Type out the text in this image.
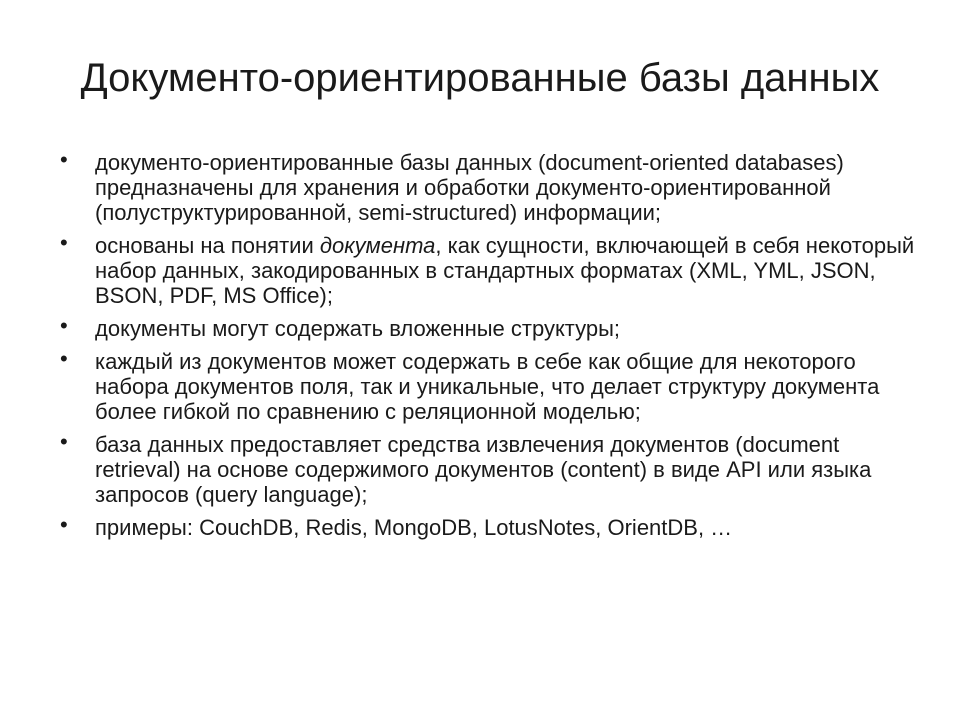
Документо-ориентированные базы данных
• документо-ориентированные базы данных (document-oriented databases) предназначены для хранения и обработки документо-ориентированной (полуструктурированной, semi-structured) информации;
• основаны на понятии документа, как сущности, включающей в себя некоторый набор данных, закодированных в стандартных форматах (XML, YML, JSON, BSON, PDF, MS Office);
• документы могут содержать вложенные структуры;
• каждый из документов может содержать в себе как общие для некоторого набора документов поля, так и уникальные, что делает структуру документа более гибкой по сравнению с реляционной моделью;
• база данных предоставляет средства извлечения документов (document retrieval) на основе содержимого документов (content) в виде API или языка запросов (query language);
• примеры: CouchDB, Redis, MongoDB, LotusNotes, OrientDB, …
